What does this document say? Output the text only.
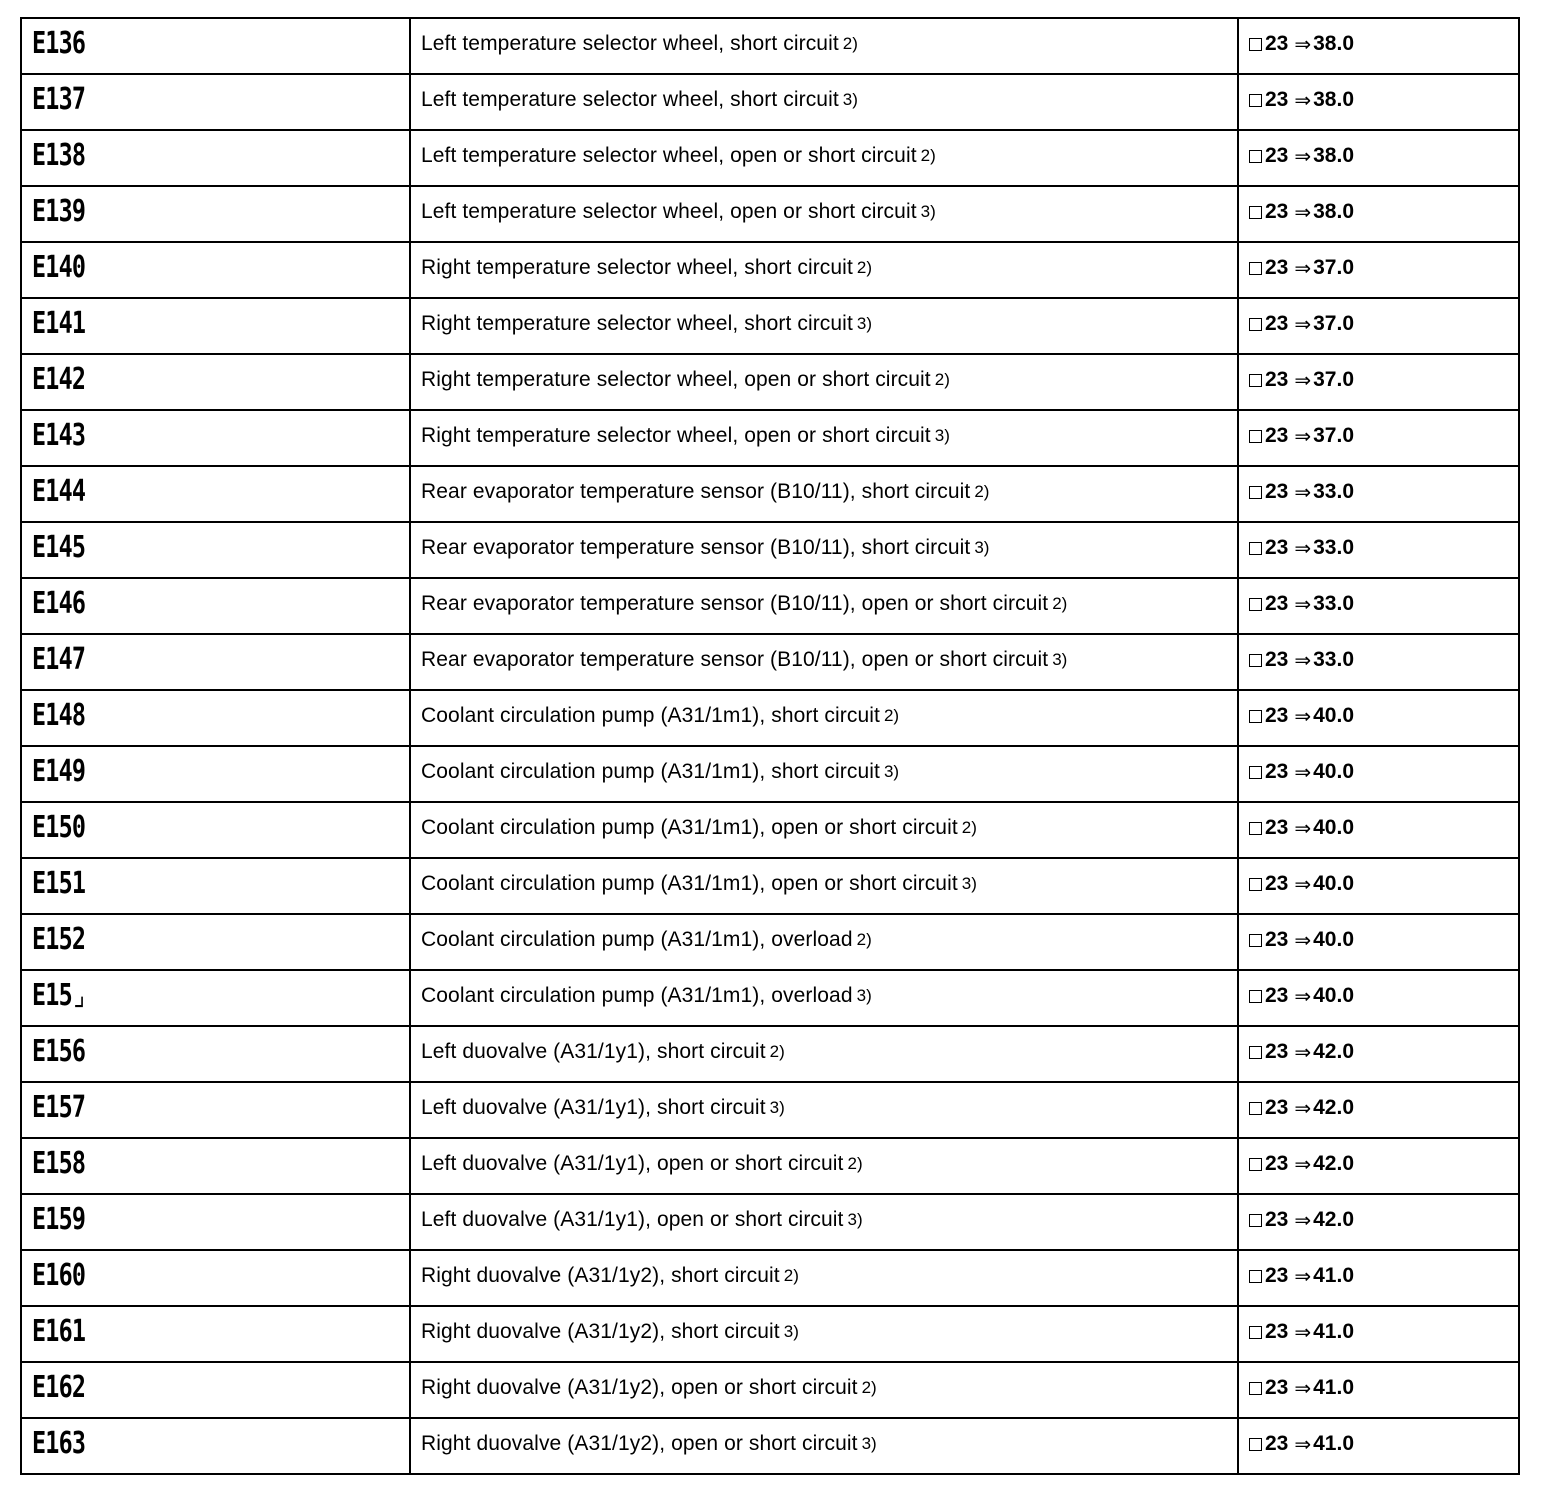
E136	Left temperature selector wheel, short circuit 2)	23 ⇒ 38.0
E137	Left temperature selector wheel, short circuit 3)	23 ⇒ 38.0
E138	Left temperature selector wheel, open or short circuit 2)	23 ⇒ 38.0
E139	Left temperature selector wheel, open or short circuit 3)	23 ⇒ 38.0
E140	Right temperature selector wheel, short circuit 2)	23 ⇒ 37.0
E141	Right temperature selector wheel, short circuit 3)	23 ⇒ 37.0
E142	Right temperature selector wheel, open or short circuit 2)	23 ⇒ 37.0
E143	Right temperature selector wheel, open or short circuit 3)	23 ⇒ 37.0
E144	Rear evaporator temperature sensor (B10/11), short circuit 2)	23 ⇒ 33.0
E145	Rear evaporator temperature sensor (B10/11), short circuit 3)	23 ⇒ 33.0
E146	Rear evaporator temperature sensor (B10/11), open or short circuit 2)	23 ⇒ 33.0
E147	Rear evaporator temperature sensor (B10/11), open or short circuit 3)	23 ⇒ 33.0
E148	Coolant circulation pump (A31/1m1), short circuit 2)	23 ⇒ 40.0
E149	Coolant circulation pump (A31/1m1), short circuit 3)	23 ⇒ 40.0
E150	Coolant circulation pump (A31/1m1), open or short circuit 2)	23 ⇒ 40.0
E151	Coolant circulation pump (A31/1m1), open or short circuit 3)	23 ⇒ 40.0
E152	Coolant circulation pump (A31/1m1), overload 2)	23 ⇒ 40.0
E15⌟	Coolant circulation pump (A31/1m1), overload 3)	23 ⇒ 40.0
E156	Left duovalve (A31/1y1), short circuit 2)	23 ⇒ 42.0
E157	Left duovalve (A31/1y1), short circuit 3)	23 ⇒ 42.0
E158	Left duovalve (A31/1y1), open or short circuit 2)	23 ⇒ 42.0
E159	Left duovalve (A31/1y1), open or short circuit 3)	23 ⇒ 42.0
E160	Right duovalve (A31/1y2), short circuit 2)	23 ⇒ 41.0
E161	Right duovalve (A31/1y2), short circuit 3)	23 ⇒ 41.0
E162	Right duovalve (A31/1y2), open or short circuit 2)	23 ⇒ 41.0
E163	Right duovalve (A31/1y2), open or short circuit 3)	23 ⇒ 41.0
